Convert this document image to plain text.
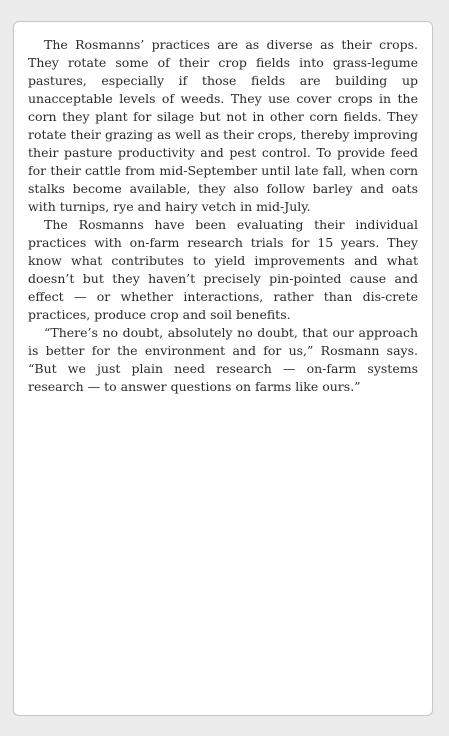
The Rosmanns’ practices are as diverse as their crops. They rotate some of their crop fields into grass-legume pastures, especially if those fields are building up unacceptable levels of weeds. They use cover crops in the corn they plant for silage but not in other corn fields. They rotate their grazing as well as their crops, thereby improving their pasture productivity and pest control. To provide feed for their cattle from mid-September until late fall, when corn stalks become available, they also follow barley and oats with turnips, rye and hairy vetch in mid-July.

The Rosmanns have been evaluating their individual practices with on-farm research trials for 15 years. They know what contributes to yield improvements and what doesn’t but they haven’t precisely pin-pointed cause and effect — or whether interactions, rather than dis-crete practices, produce crop and soil benefits.

“There’s no doubt, absolutely no doubt, that our approach is better for the environment and for us,” Rosmann says. “But we just plain need research — on-farm systems research — to answer questions on farms like ours.”
